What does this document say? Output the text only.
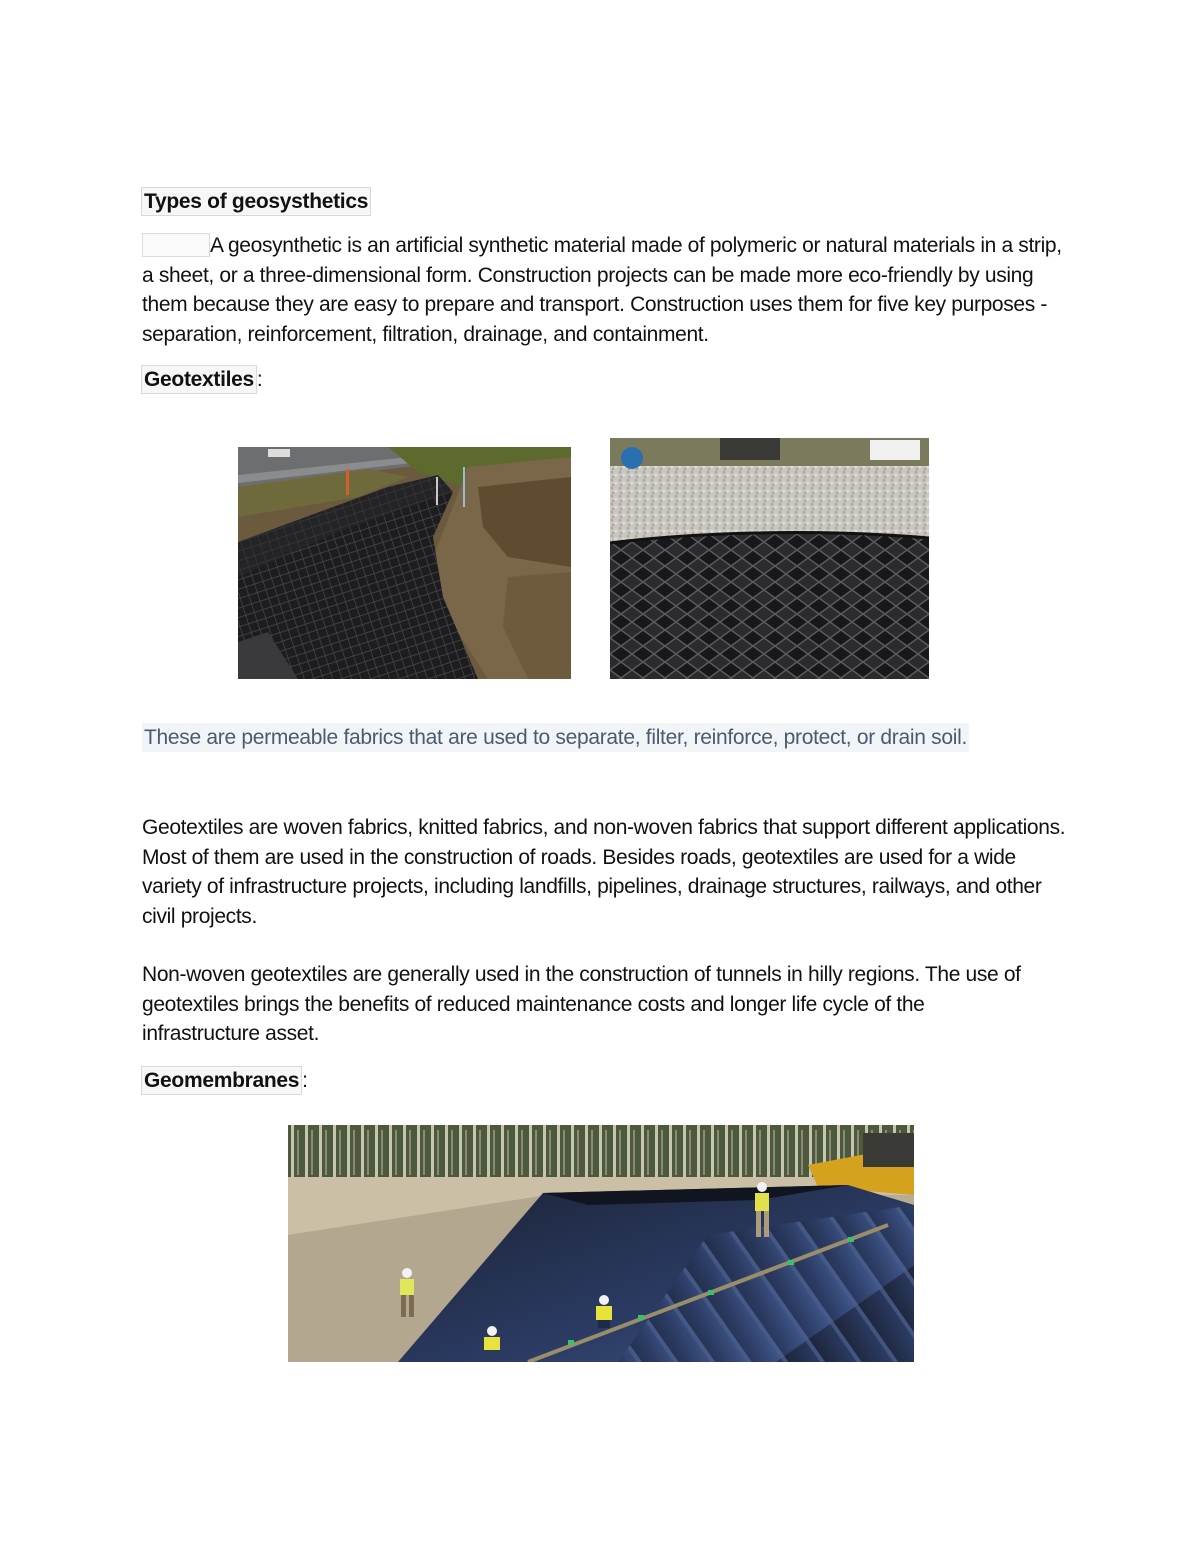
Types of geosysthetics
A geosynthetic is an artificial synthetic material made of polymeric or natural materials in a strip, a sheet, or a three-dimensional form. Construction projects can be made more eco-friendly by using them because they are easy to prepare and transport. Construction uses them for five key purposes - separation, reinforcement, filtration, drainage, and containment.
Geotextiles :
These are permeable fabrics that are used to separate, filter, reinforce, protect, or drain soil.
Geotextiles are woven fabrics, knitted fabrics, and non-woven fabrics that support different applications. Most of them are used in the construction of roads. Besides roads, geotextiles are used for a wide variety of infrastructure projects, including landfills, pipelines, drainage structures, railways, and other civil projects.
Non-woven geotextiles are generally used in the construction of tunnels in hilly regions. The use of geotextiles brings the benefits of reduced maintenance costs and longer life cycle of the infrastructure asset.
Geomembranes :
